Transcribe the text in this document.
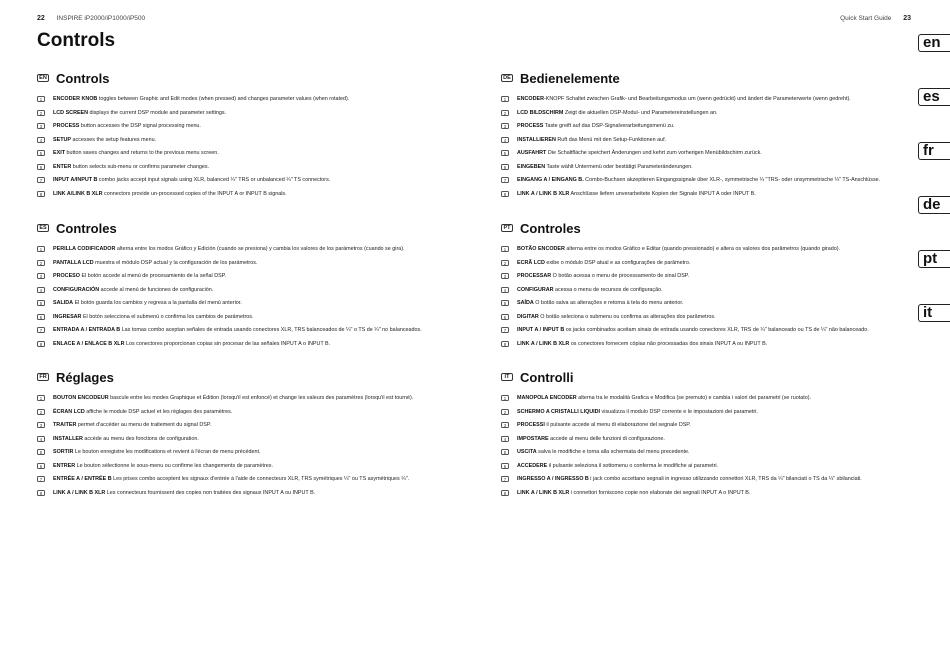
22 INSPIRE iP2000/iP1000/iP500	Quick Start Guide 23
Controls	en
es
fr
de
pt
it
EN Controls
1	ENCODER KNOB toggles between Graphic and Edit modes (when pressed) and changes parameter values (when rotated).
2	LCD SCREEN displays the current DSP module and parameter settings.
3	PROCESS button accesses the DSP signal processing menu.
4	SETUP accesses the setup features menu.
5	EXIT button saves changes and returns to the previous menu screen.
6	ENTER button selects sub-menu or confirms parameter changes.
7	INPUT A/INPUT B combo jacks accept input signals using XLR, balanced ¼" TRS or unbalanced ¼" TS connectors.
8	LINK A/LINK B XLR connectors provide un-processed copies of the INPUT A or INPUT B signals.
DE Bedienelemente
1	ENCODER-KNOPF Schaltet zwischen Grafik- und Bearbeitungsmodus um (wenn gedrückt) und ändert die Parameterwerte (wenn gedreht).
2	LCD BILDSCHIRM Zeigt die aktuellen DSP-Modul- und Parametereinstellungen an.
3	PROCESS Taste greift auf das DSP-Signalverarbeitungsmenü zu.
4	INSTALLIEREN Ruft das Menü mit den Setup-Funktionen auf.
5	AUSFAHRT Die Schaltfläche speichert Änderungen und kehrt zum vorherigen Menübildschirm zurück.
6	EINGEBEN Taste wählt Untermenü oder bestätigt Parameteränderungen.
7	EINGANG A / EINGANG B. Combo-Buchsen akzeptieren Eingangssignale über XLR-, symmetrische ¼ "TRS- oder unsymmetrische ¼" TS-Anschlüsse.
8	LINK A / LINK B XLR Anschlüsse liefern unverarbeitete Kopien der Signale INPUT A oder INPUT B.
ES Controles
1	PERILLA CODIFICADOR alterna entre los modos Gráfico y Edición (cuando se presiona) y cambia los valores de los parámetros (cuando se gira).
2	PANTALLA LCD muestra el módulo DSP actual y la configuración de los parámetros.
3	PROCESO El botón accede al menú de procesamiento de la señal DSP.
4	CONFIGURACIÓN accede al menú de funciones de configuración.
5	SALIDA El botón guarda los cambios y regresa a la pantalla del menú anterior.
6	INGRESAR El botón selecciona el submenú o confirma los cambios de parámetros.
7	ENTRADA A / ENTRADA B Las tomas combo aceptan señales de entrada usando conectores XLR, TRS balanceados de ¼" o TS de ¼" no balanceados.
8	ENLACE A / ENLACE B XLR Los conectores proporcionan copias sin procesar de las señales INPUT A o INPUT B.
PT Controles
1	BOTÃO ENCODER alterna entre os modos Gráfico e Editar (quando pressionado) e altera os valores dos parâmetros (quando girado).
2	ECRÃ LCD exibe o módulo DSP atual e as configurações de parâmetro.
3	PROCESSAR O botão acessa o menu de processamento de sinal DSP.
4	CONFIGURAR acessa o menu de recursos de configuração.
5	SAÍDA O botão salva as alterações e retorna à tela do menu anterior.
6	DIGITAR O botão seleciona o submenu ou confirma as alterações dos parâmetros.
7	INPUT A / INPUT B os jacks combinados aceitam sinais de entrada usando conectores XLR, TRS de ¼" balanceado ou TS de ¼" não balanceado.
8	LINK A / LINK B XLR os conectores fornecem cópias não processadas dos sinais INPUT A ou INPUT B.
FR Réglages
1	BOUTON ENCODEUR bascule entre les modes Graphique et Édition (lorsqu'il est enfoncé) et change les valeurs des paramètres (lorsqu'il est tourné).
2	ÉCRAN LCD affiche le module DSP actuel et les réglages des paramètres.
3	TRAITER permet d'accéder au menu de traitement du signal DSP.
4	INSTALLER accède au menu des fonctions de configuration.
5	SORTIR Le bouton enregistre les modifications et revient à l'écran de menu précédent.
6	ENTRER Le bouton sélectionne le sous-menu ou confirme les changements de paramètres.
7	ENTRÉE A / ENTRÉE B Les prises combo acceptent les signaux d'entrée à l'aide de connecteurs XLR, TRS symétriques ¼" ou TS asymétriques ¼".
8	LINK A / LINK B XLR Les connecteurs fournissent des copies non traitées des signaux INPUT A ou INPUT B.
IT Controlli
1	MANOPOLA ENCODER alterna tra le modalità Grafica e Modifica (se premuto) e cambia i valori dei parametri (se ruotato).
2	SCHERMO A CRISTALLI LIQUIDI visualizza il modulo DSP corrente e le impostazioni dei parametri.
3	PROCESSI il pulsante accede al menu di elaborazione del segnale DSP.
4	IMPOSTARE accede al menu delle funzioni di configurazione.
5	USCITA salva le modifiche e torna alla schermata del menu precedente.
6	ACCEDERE il pulsante seleziona il sottomenu o conferma le modifiche ai parametri.
7	INGRESSO A / INGRESSO B i jack combo accettano segnali in ingresso utilizzando connettori XLR, TRS da ¼" bilanciati o TS da ¼" sbilanciati.
8	LINK A / LINK B XLR i connettori forniscono copie non elaborate dei segnali INPUT A o INPUT B.
